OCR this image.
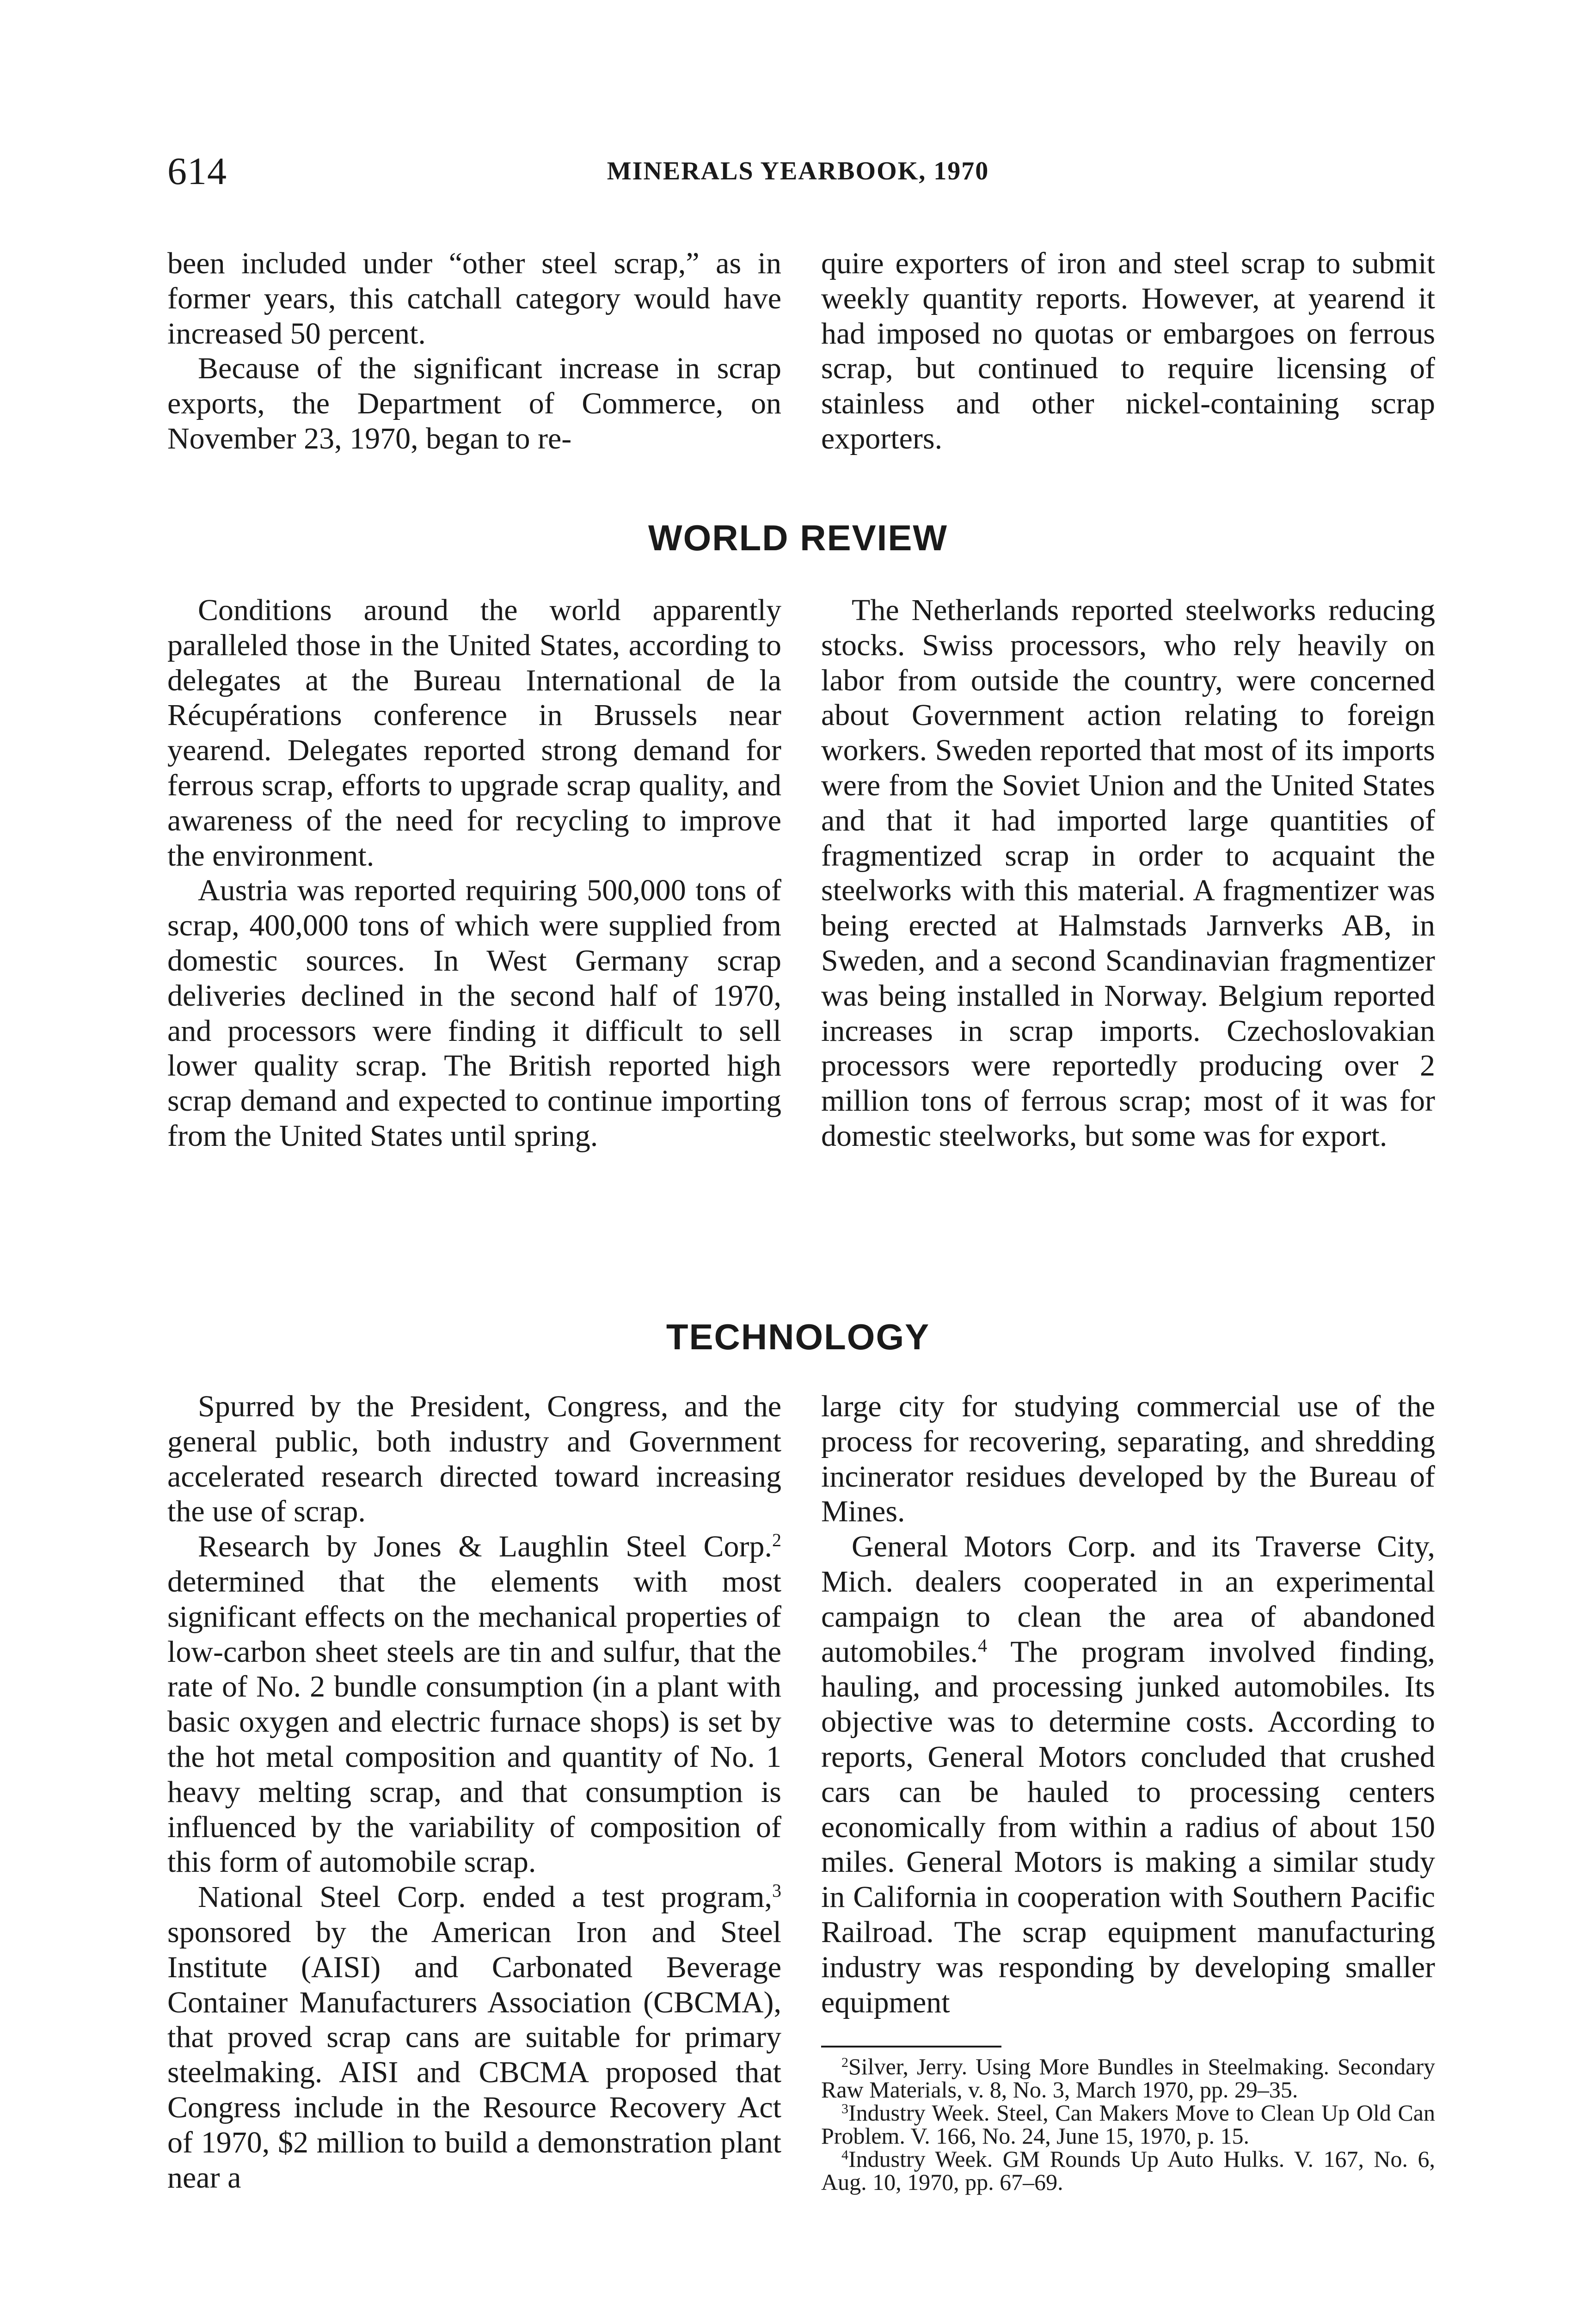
614	MINERALS YEARBOOK, 1970

been included under “other steel scrap,” as in former years, this catchall category would have increased 50 percent.

Because of the significant increase in scrap exports, the Department of Commerce, on November 23, 1970, began to re-

quire exporters of iron and steel scrap to submit weekly quantity reports. However, at yearend it had imposed no quotas or embargoes on ferrous scrap, but continued to require licensing of stainless and other nickel-containing scrap exporters.

WORLD REVIEW

Conditions around the world apparently paralleled those in the United States, according to delegates at the Bureau International de la Récupérations conference in Brussels near yearend. Delegates reported strong demand for ferrous scrap, efforts to upgrade scrap quality, and awareness of the need for recycling to improve the environment.

Austria was reported requiring 500,000 tons of scrap, 400,000 tons of which were supplied from domestic sources. In West Germany scrap deliveries declined in the second half of 1970, and processors were finding it difficult to sell lower quality scrap. The British reported high scrap demand and expected to continue importing from the United States until spring.

The Netherlands reported steelworks reducing stocks. Swiss processors, who rely heavily on labor from outside the country, were concerned about Government action relating to foreign workers. Sweden reported that most of its imports were from the Soviet Union and the United States and that it had imported large quantities of fragmentized scrap in order to acquaint the steelworks with this material. A fragmentizer was being erected at Halmstads Jarnverks AB, in Sweden, and a second Scandinavian fragmentizer was being installed in Norway. Belgium reported increases in scrap imports. Czechoslovakian processors were reportedly producing over 2 million tons of ferrous scrap; most of it was for domestic steelworks, but some was for export.

TECHNOLOGY

Spurred by the President, Congress, and the general public, both industry and Government accelerated research directed toward increasing the use of scrap.

Research by Jones & Laughlin Steel Corp.$^2$ determined that the elements with most significant effects on the mechanical properties of low-carbon sheet steels are tin and sulfur, that the rate of No. 2 bundle consumption (in a plant with basic oxygen and electric furnace shops) is set by the hot metal composition and quantity of No. 1 heavy melting scrap, and that consumption is influenced by the variability of composition of this form of automobile scrap.

National Steel Corp. ended a test program,$^3$ sponsored by the American Iron and Steel Institute (AISI) and Carbonated Beverage Container Manufacturers Association (CBCMA), that proved scrap cans are suitable for primary steelmaking. AISI and CBCMA proposed that Congress include in the Resource Recovery Act of 1970, $2 million to build a demonstration plant near a

large city for studying commercial use of the process for recovering, separating, and shredding incinerator residues developed by the Bureau of Mines.

General Motors Corp. and its Traverse City, Mich. dealers cooperated in an experimental campaign to clean the area of abandoned automobiles.$^4$ The program involved finding, hauling, and processing junked automobiles. Its objective was to determine costs. According to reports, General Motors concluded that crushed cars can be hauled to processing centers economically from within a radius of about 150 miles. General Motors is making a similar study in California in cooperation with Southern Pacific Railroad. The scrap equipment manufacturing industry was responding by developing smaller equipment

$^2$Silver, Jerry. Using More Bundles in Steelmaking. Secondary Raw Materials, v. 8, No. 3, March 1970, pp. 29–35.

$^3$Industry Week. Steel, Can Makers Move to Clean Up Old Can Problem. V. 166, No. 24, June 15, 1970, p. 15.

$^4$Industry Week. GM Rounds Up Auto Hulks. V. 167, No. 6, Aug. 10, 1970, pp. 67–69.
